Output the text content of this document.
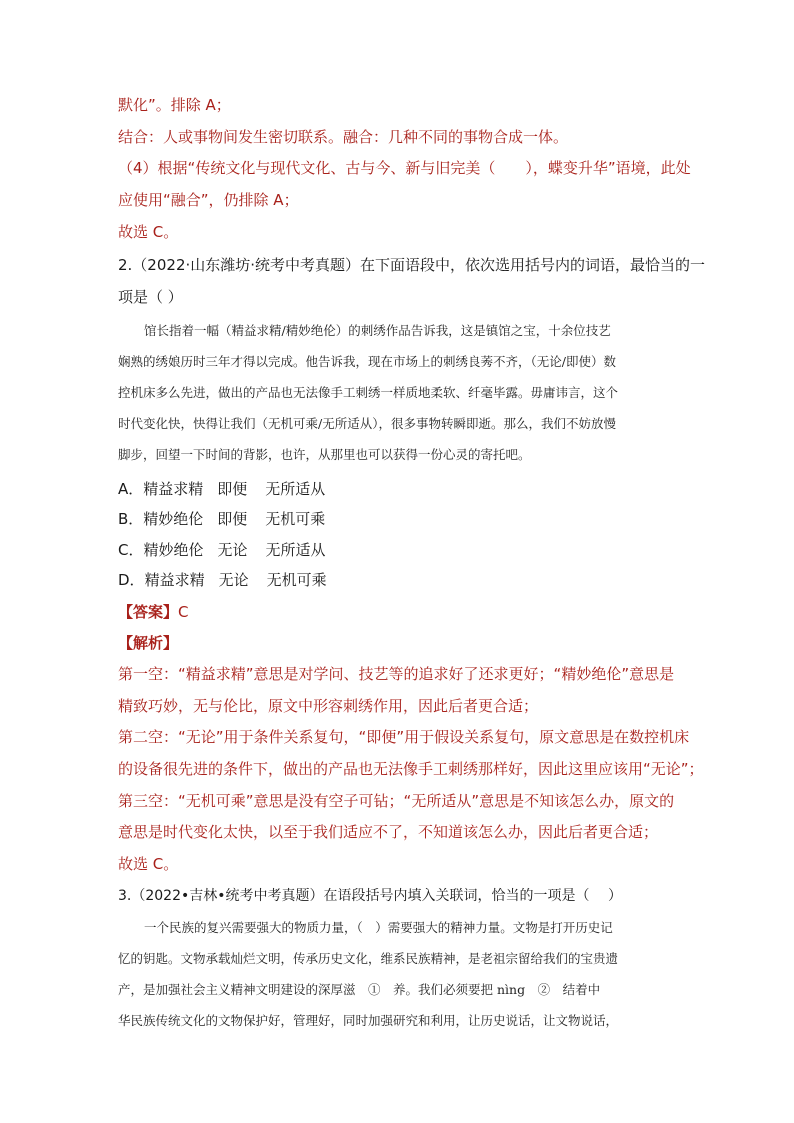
默化”。排除 A；
结合：人或事物间发生密切联系。融合：几种不同的事物合成一体。
（4）根据“传统文化与现代文化、古与今、新与旧完美（　　），蝶变升华”语境，此处
应使用“融合”，仍排除 A；
故选 C。
2.（2022·山东潍坊·统考中考真题）在下面语段中，依次选用括号内的词语，最恰当的一
项是（ ）
馆长指着一幅（精益求精/精妙绝伦）的刺绣作品告诉我，这是镇馆之宝，十余位技艺
娴熟的绣娘历时三年才得以完成。他告诉我，现在市场上的刺绣良莠不齐，（无论/即使）数
控机床多么先进，做出的产品也无法像手工刺绣一样质地柔软、纤毫毕露。毋庸讳言，这个
时代变化快，快得让我们（无机可乘/无所适从），很多事物转瞬即逝。那么，我们不妨放慢
脚步，回望一下时间的背影，也许，从那里也可以获得一份心灵的寄托吧。
A．精益求精 即便 无所适从
B．精妙绝伦 即便 无机可乘
C．精妙绝伦 无论 无所适从
D．精益求精 无论 无机可乘
【答案】C
【解析】
第一空：“精益求精”意思是对学问、技艺等的追求好了还求更好；“精妙绝伦”意思是
精致巧妙，无与伦比，原文中形容刺绣作用，因此后者更合适；
第二空：“无论”用于条件关系复句，“即便”用于假设关系复句，原文意思是在数控机床
的设备很先进的条件下，做出的产品也无法像手工刺绣那样好，因此这里应该用“无论”；
第三空：“无机可乘”意思是没有空子可钻；“无所适从”意思是不知该怎么办，原文的
意思是时代变化太快，以至于我们适应不了，不知道该怎么办，因此后者更合适；
故选 C。
3.（2022•吉林•统考中考真题）在语段括号内填入关联词，恰当的一项是（　 ）
一个民族的复兴需要强大的物质力量，（　）需要强大的精神力量。文物是打开历史记
忆的钥匙。文物承载灿烂文明，传承历史文化，维系民族精神，是老祖宗留给我们的宝贵遗
产，是加强社会主义精神文明建设的深厚滋　①　养。我们必须要把 nìng　②　结着中
华民族传统文化的文物保护好，管理好，同时加强研究和利用，让历史说话，让文物说话，
